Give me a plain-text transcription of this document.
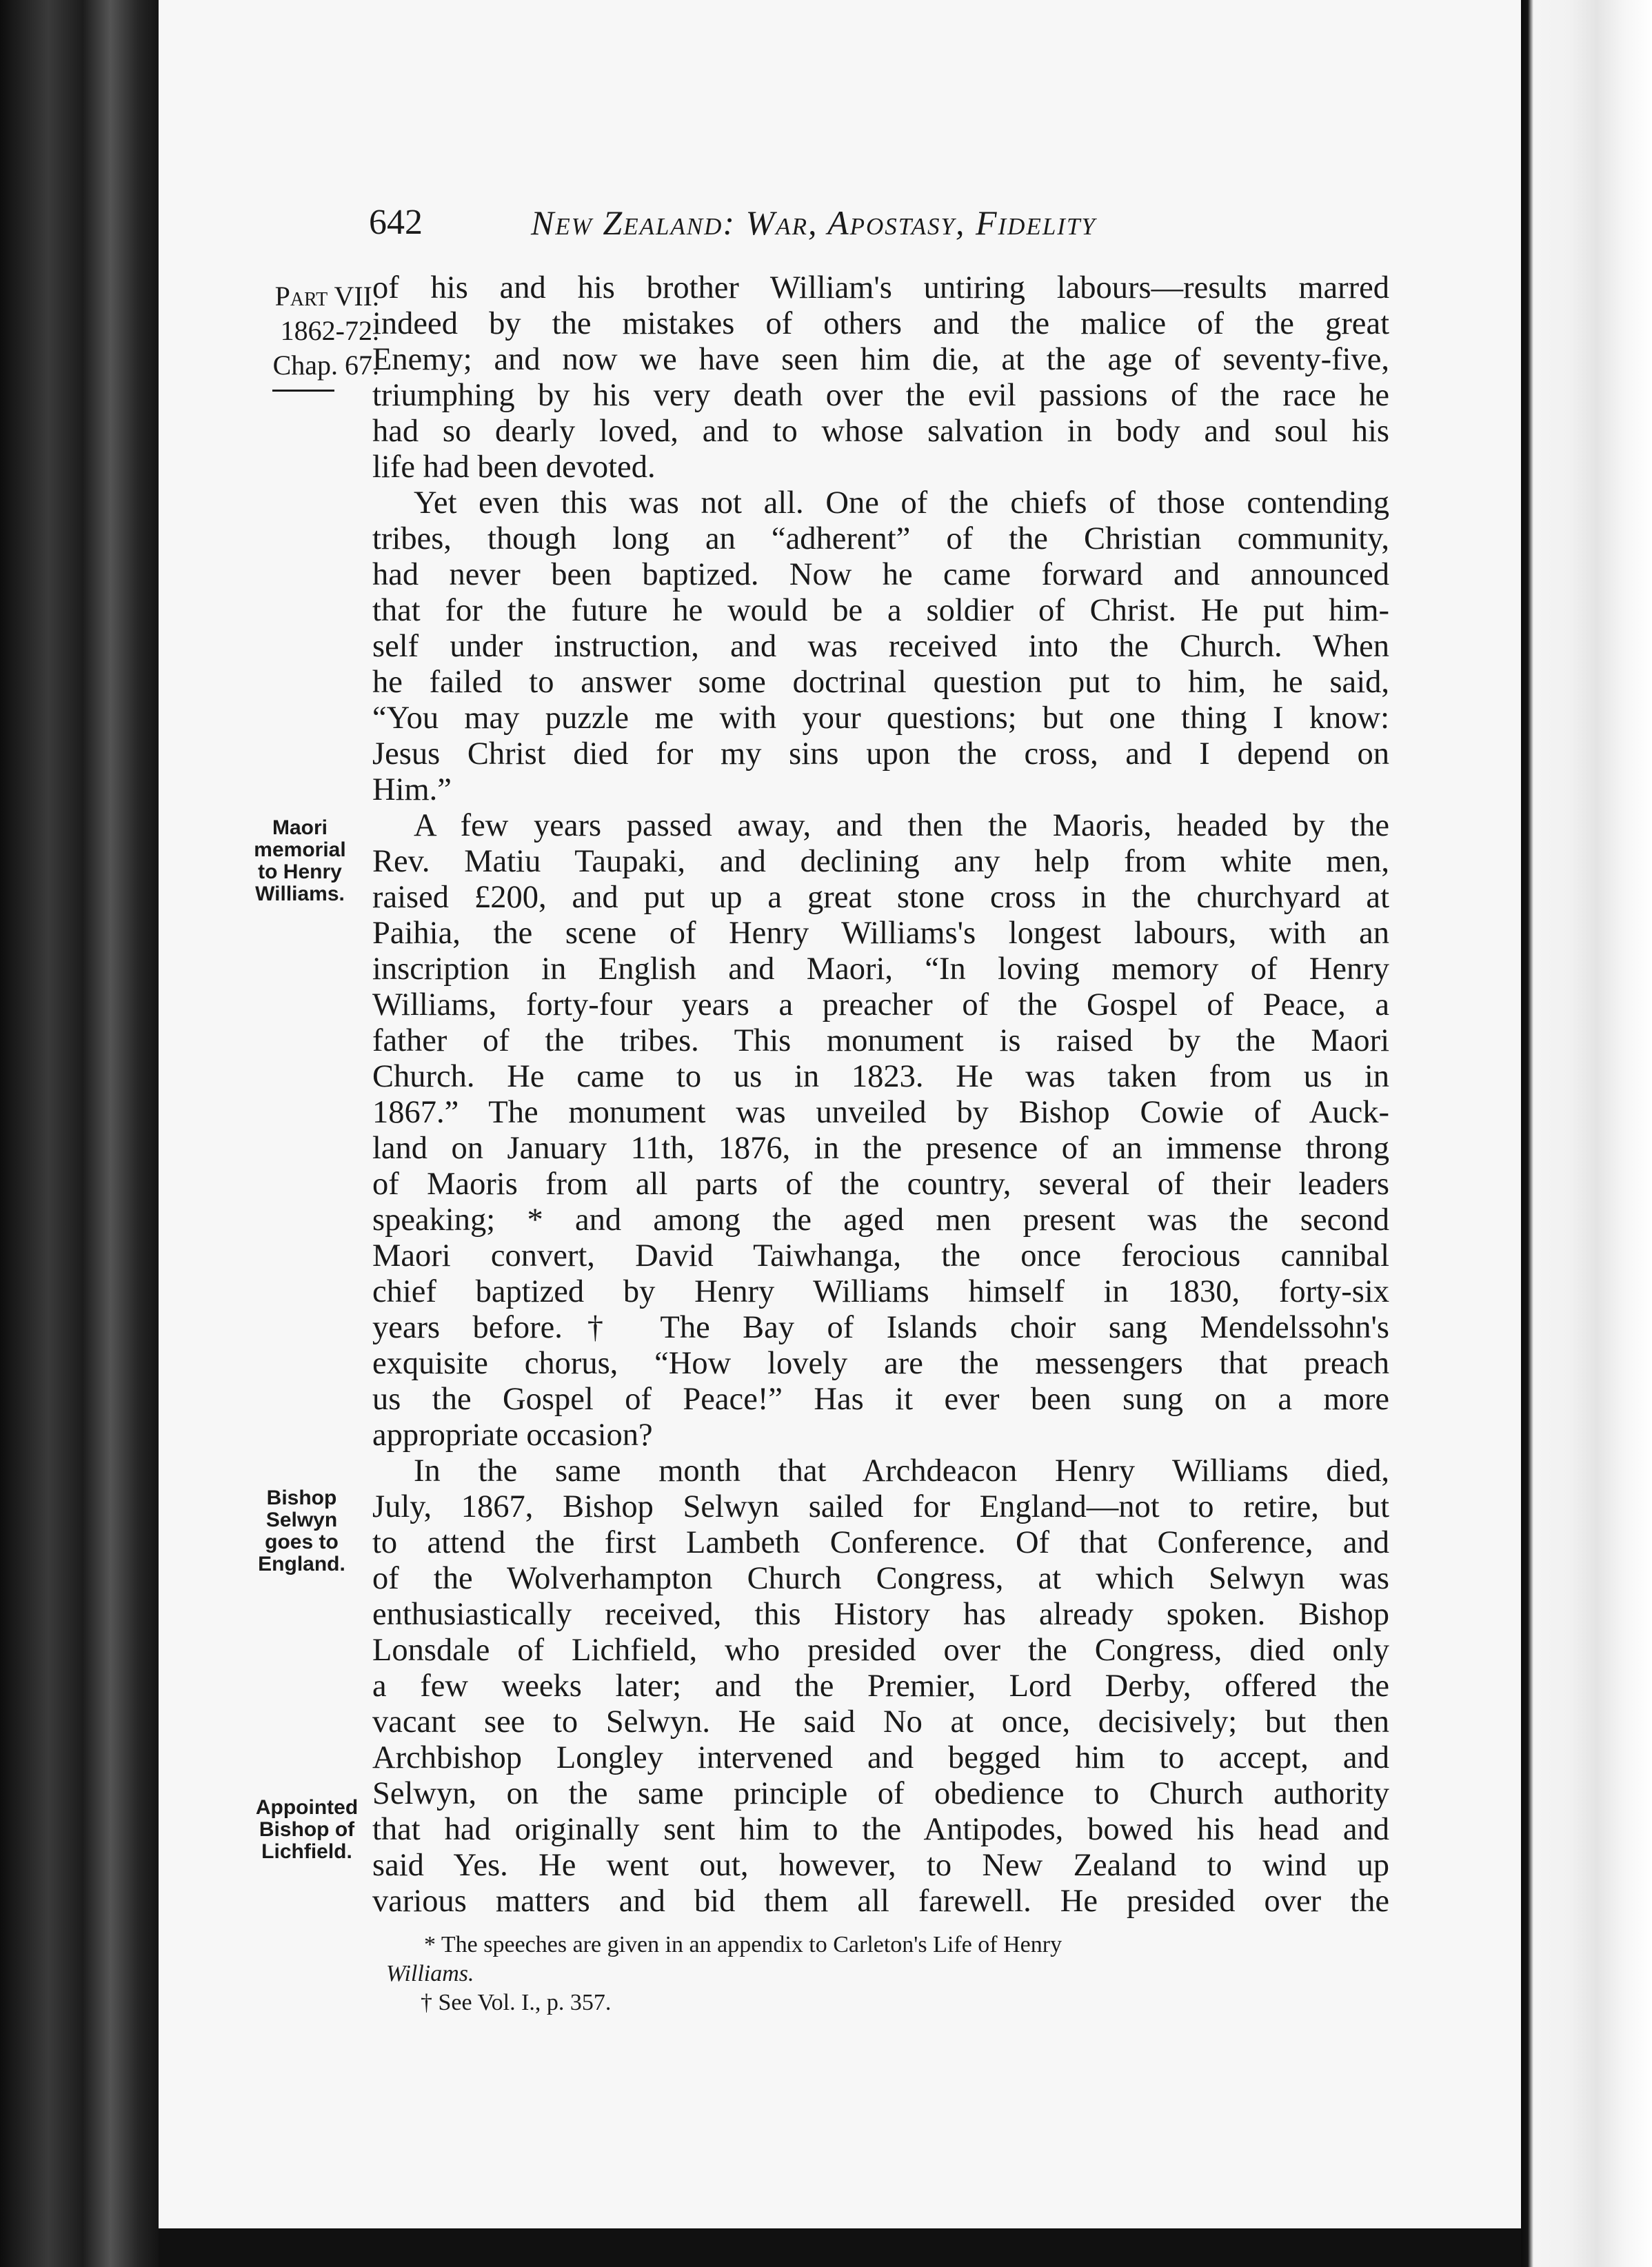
642	New Zealand: War, Apostasy, Fidelity
Part VII.
1862-72.
Chap. 67.
Maori
memorial
to Henry
Williams.
Bishop
Selwyn
goes to
England.
Appointed
Bishop of
Lichfield.
of his and his brother William's untiring labours—results marred
indeed by the mistakes of others and the malice of the great
Enemy; and now we have seen him die, at the age of seventy-five,
triumphing by his very death over the evil passions of the race he
had so dearly loved, and to whose salvation in body and soul his
life had been devoted.
Yet even this was not all. One of the chiefs of those contending
tribes, though long an “adherent” of the Christian community,
had never been baptized. Now he came forward and announced
that for the future he would be a soldier of Christ. He put him-
self under instruction, and was received into the Church. When
he failed to answer some doctrinal question put to him, he said,
“You may puzzle me with your questions; but one thing I know:
Jesus Christ died for my sins upon the cross, and I depend on
Him.”
A few years passed away, and then the Maoris, headed by the
Rev. Matiu Taupaki, and declining any help from white men,
raised £200, and put up a great stone cross in the churchyard at
Paihia, the scene of Henry Williams's longest labours, with an
inscription in English and Maori, “In loving memory of Henry
Williams, forty-four years a preacher of the Gospel of Peace, a
father of the tribes. This monument is raised by the Maori
Church. He came to us in 1823. He was taken from us in
1867.” The monument was unveiled by Bishop Cowie of Auck-
land on January 11th, 1876, in the presence of an immense throng
of Maoris from all parts of the country, several of their leaders
speaking; * and among the aged men present was the second
Maori convert, David Taiwhanga, the once ferocious cannibal
chief baptized by Henry Williams himself in 1830, forty-six
years before.† The Bay of Islands choir sang Mendelssohn's
exquisite chorus, “How lovely are the messengers that preach
us the Gospel of Peace!” Has it ever been sung on a more
appropriate occasion?
In the same month that Archdeacon Henry Williams died,
July, 1867, Bishop Selwyn sailed for England—not to retire, but
to attend the first Lambeth Conference. Of that Conference, and
of the Wolverhampton Church Congress, at which Selwyn was
enthusiastically received, this History has already spoken. Bishop
Lonsdale of Lichfield, who presided over the Congress, died only
a few weeks later; and the Premier, Lord Derby, offered the
vacant see to Selwyn. He said No at once, decisively; but then
Archbishop Longley intervened and begged him to accept, and
Selwyn, on the same principle of obedience to Church authority
that had originally sent him to the Antipodes, bowed his head and
said Yes. He went out, however, to New Zealand to wind up
various matters and bid them all farewell. He presided over the
* The speeches are given in an appendix to Carleton's Life of Henry
Williams.
† See Vol. I., p. 357.
